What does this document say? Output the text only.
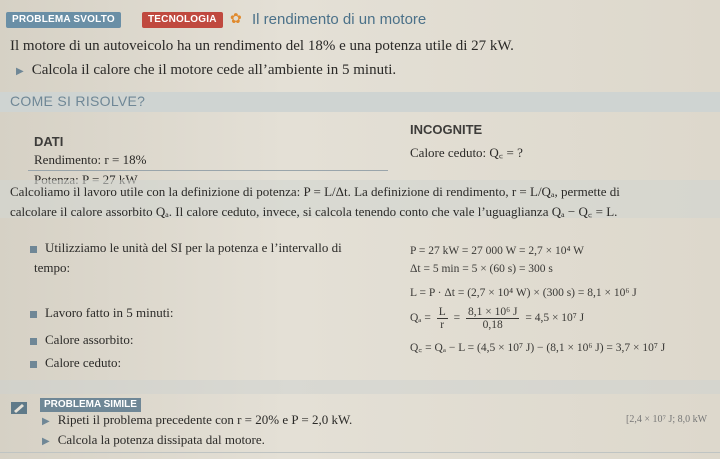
PROBLEMA SVOLTO	TECNOLOGIA ✿ Il rendimento di un motore
Il motore di un autoveicolo ha un rendimento del 18% e una potenza utile di 27 kW.
▶ Calcola il calore che il motore cede all’ambiente in 5 minuti.
COME SI RISOLVE?
DATI
INCOGNITE
Rendimento: r = 18%	Calore ceduto: Q꜀ = ?
Calcoliamo il lavoro utile con la definizione di potenza: P = L/Δt. La definizione di rendimento, r = L/Qₐ, permette di
calcolare il calore assorbito Qₐ. Il calore ceduto, invece, si calcola tenendo conto che vale l’uguaglianza Qₐ − Q꜀ = L.
Utilizziamo le unità del SI per la potenza e l’intervallo di
tempo:
P = 27 kW = 27 000 W = 2,7 × 10⁴ W
Δt = 5 min = 5 × (60 s) = 300 s
Lavoro fatto in 5 minuti:
L = P · Δt = (2,7 × 10⁴ W) × (300 s) = 8,1 × 10⁶ J
Calore assorbito:
$Q_a = \frac{L}{r} = \frac{\text{8,1 × 10⁶ J}}{0,18} = 4,5 \times 10^7$ J
Calore ceduto:
Q꜀ = Qₐ − L = (4,5 × 10⁷ J) − (8,1 × 10⁶ J) = 3,7 × 10⁷ J
PROBLEMA SIMILE
▶ Ripeti il problema precedente con r = 20% e P = 2,0 kW.
▶ Calcola la potenza dissipata dal motore.
[2,4 × 10⁷ J; 8,0 kW
